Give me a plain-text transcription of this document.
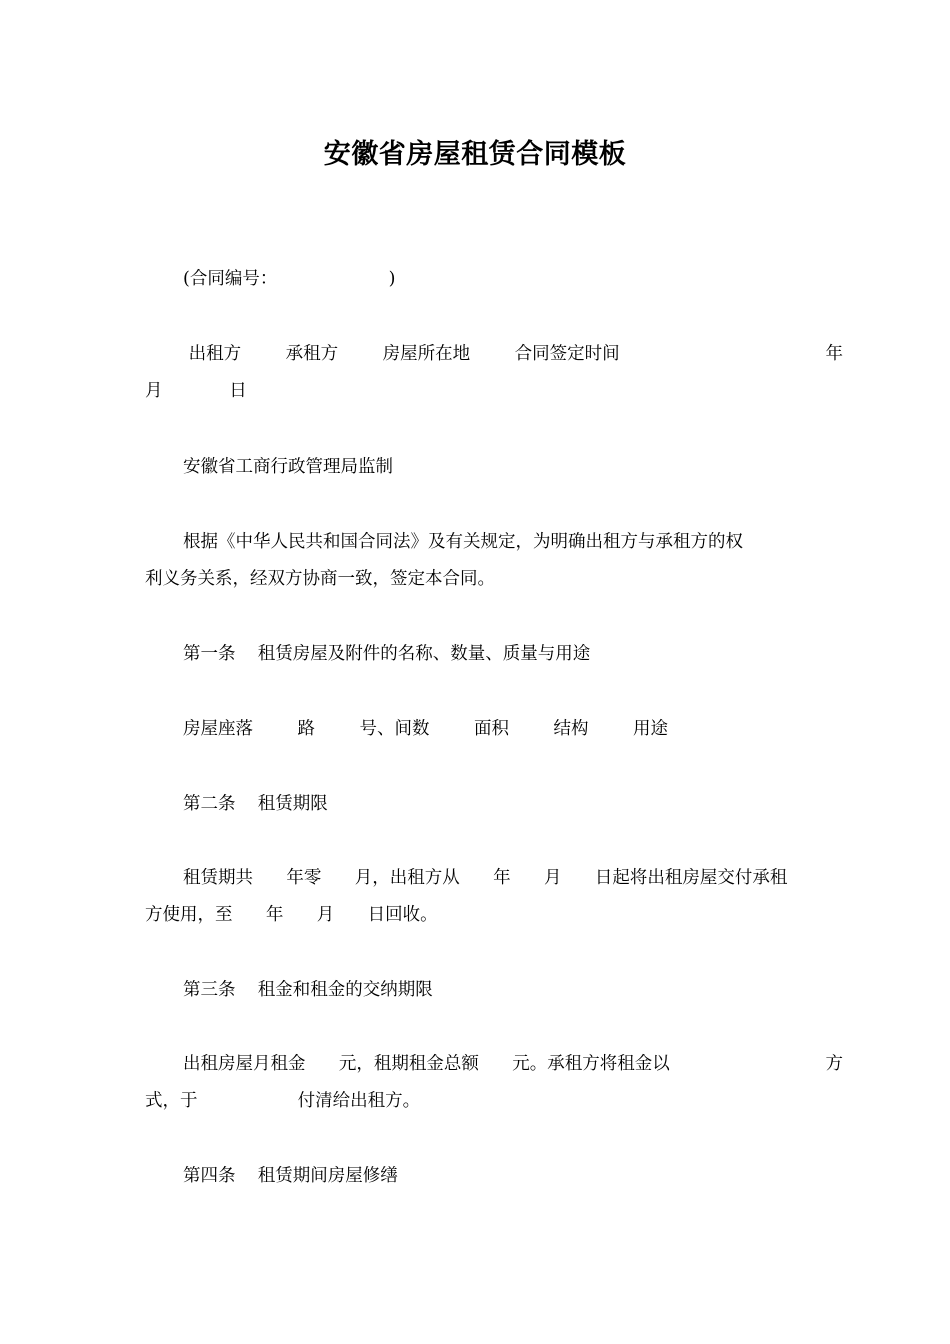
安徽省房屋租赁合同模板
(合同编号：                    )
出租方        承租方        房屋所在地        合同签定时间	年
月            日
安徽省工商行政管理局监制
根据《中华人民共和国合同法》及有关规定，为明确出租方与承租方的权
利义务关系，经双方协商一致，签定本合同。
第一条    租赁房屋及附件的名称、数量、质量与用途
房屋座落        路        号、间数        面积        结构        用途
第二条    租赁期限
租赁期共      年零      月，出租方从      年      月      日起将出租房屋交付承租
方使用，至      年      月      日回收。
第三条    租金和租金的交纳期限
出租房屋月租金      元，租期租金总额      元。承租方将租金以	方
式，于                  付清给出租方。
第四条    租赁期间房屋修缮
